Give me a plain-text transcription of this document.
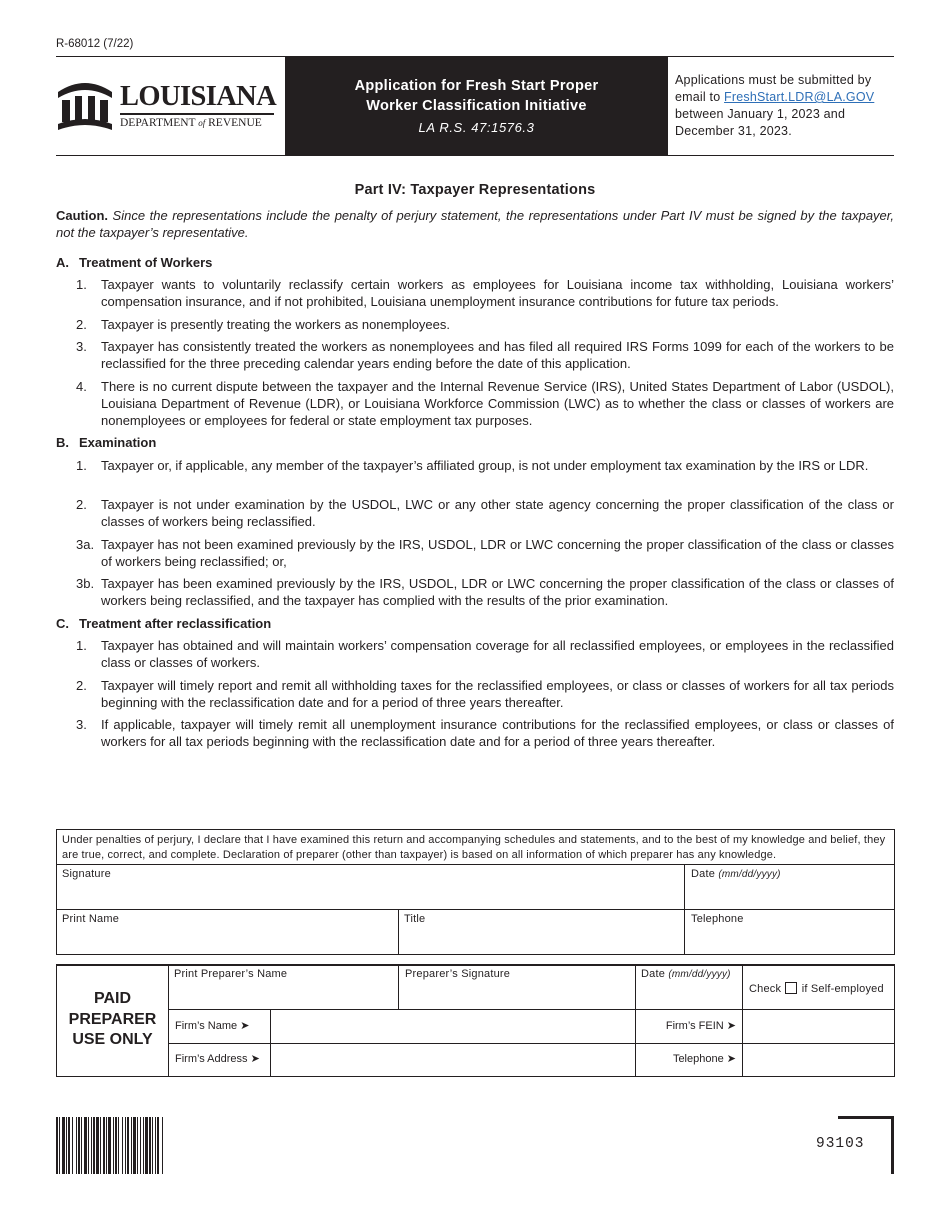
R-68012 (7/22)
LOUISIANA
DEPARTMENT of REVENUE
Application for Fresh Start Proper
Worker Classification Initiative
LA R.S. 47:1576.3
Applications must be submitted by email to FreshStart.LDR@LA.GOV between January 1, 2023 and December 31, 2023.
Part IV: Taxpayer Representations
Caution. Since the representations include the penalty of perjury statement, the representations under Part IV must be signed by the taxpayer, not the taxpayer’s representative.
A. Treatment of Workers
1.	Taxpayer wants to voluntarily reclassify certain workers as employees for Louisiana income tax withholding, Louisiana workers’ compensation insurance, and if not prohibited, Louisiana unemployment insurance contributions for future tax periods.
2.	Taxpayer is presently treating the workers as nonemployees.
3.	Taxpayer has consistently treated the workers as nonemployees and has filed all required IRS Forms 1099 for each of the workers to be reclassified for the three preceding calendar years ending before the date of this application.
4.	There is no current dispute between the taxpayer and the Internal Revenue Service (IRS), United States Department of Labor (USDOL), Louisiana Department of Revenue (LDR), or Louisiana Workforce Commission (LWC) as to whether the class or classes of workers are nonemployees or employees for federal or state employment tax purposes.
B. Examination
1.	Taxpayer or, if applicable, any member of the taxpayer’s affiliated group, is not under employment tax examination by the IRS or LDR.
2.	Taxpayer is not under examination by the USDOL, LWC or any other state agency concerning the proper classification of the class or classes of workers being reclassified.
3a. Taxpayer has not been examined previously by the IRS, USDOL, LDR or LWC concerning the proper classification of the class or classes of workers being reclassified; or,
3b. Taxpayer has been examined previously by the IRS, USDOL, LDR or LWC concerning the proper classification of the class or classes of workers being reclassified, and the taxpayer has complied with the results of the prior examination.
C. Treatment after reclassification
1.	Taxpayer has obtained and will maintain workers’ compensation coverage for all reclassified employees, or employees in the reclassified class or classes of workers.
2.	Taxpayer will timely report and remit all withholding taxes for the reclassified employees, or class or classes of workers for all tax periods beginning with the reclassification date and for a period of three years thereafter.
3.	If applicable, taxpayer will timely remit all unemployment insurance contributions for the reclassified employees, or class or classes of workers for all tax periods beginning with the reclassification date and for a period of three years thereafter.
Under penalties of perjury, I declare that I have examined this return and accompanying schedules and statements, and to the best of my knowledge and belief, they are true, correct, and complete. Declaration of preparer (other than taxpayer) is based on all information of which preparer has any knowledge.
Signature	Date (mm/dd/yyyy)
Print Name	Title	Telephone
PAID
PREPARER
USE ONLY
Print Preparer’s Name	Preparer’s Signature	Date (mm/dd/yyyy)
Check if Self-employed
Firm’s Name ➤	Firm’s FEIN ➤
Firm’s Address ➤	Telephone ➤
93103
